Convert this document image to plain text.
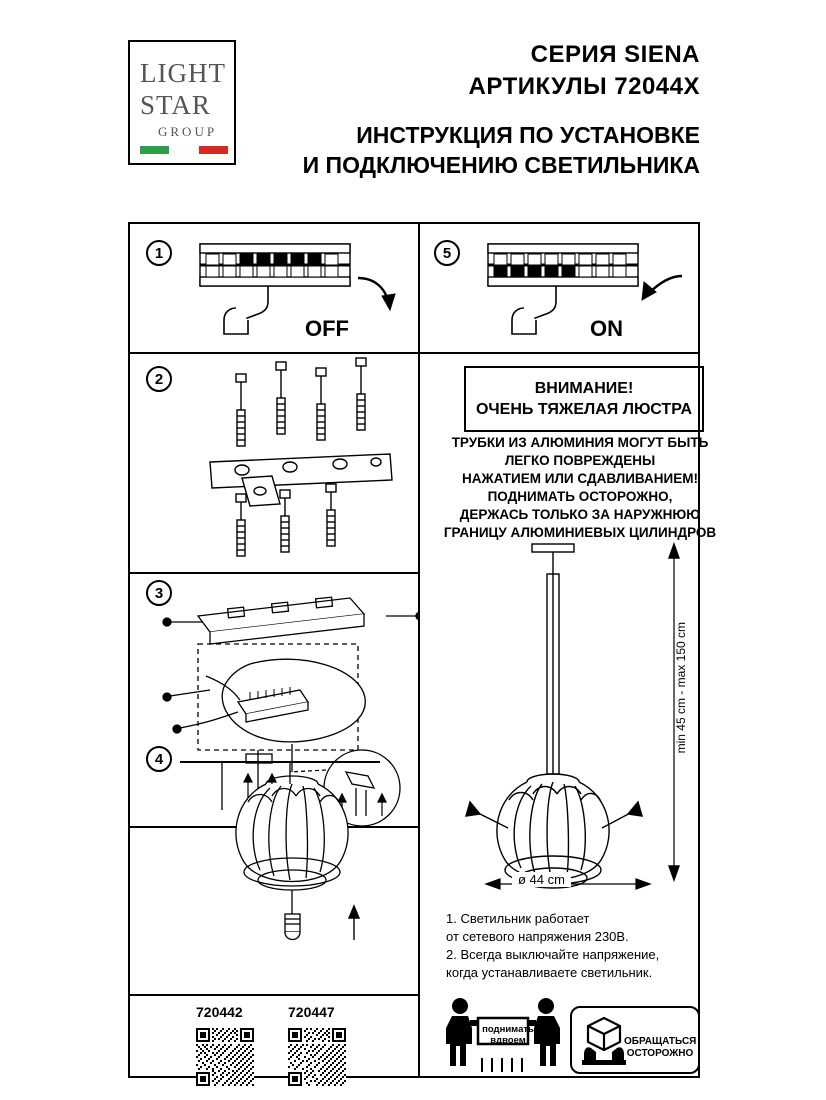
LIGHT
STAR
GROUP
СЕРИЯ SIENA
АРТИКУЛЫ 72044X
ИНСТРУКЦИЯ ПО УСТАНОВКЕ
И ПОДКЛЮЧЕНИЮ СВЕТИЛЬНИКА
1
OFF
5
ON
2
3
4
ВНИМАНИЕ!
ОЧЕНЬ ТЯЖЕЛАЯ ЛЮСТРА
ТРУБКИ ИЗ АЛЮМИНИЯ МОГУТ БЫТЬ
ЛЕГКО ПОВРЕЖДЕНЫ
НАЖАТИЕМ ИЛИ СДАВЛИВАНИЕМ!
ПОДНИМАТЬ ОСТОРОЖНО,
ДЕРЖАСЬ ТОЛЬКО ЗА НАРУЖНЮЮ
ГРАНИЦУ АЛЮМИНИЕВЫХ ЦИЛИНДРОВ
min 45 cm - max 150 cm
ø 44 cm
1. Светильник работает
от сетевого напряжения 230В.
2. Всегда выключайте напряжение,
когда устанавливаете светильник.
720442	720447
поднимать
вдвоем	ОБРАЩАТЬСЯ
ОСТОРОЖНО
